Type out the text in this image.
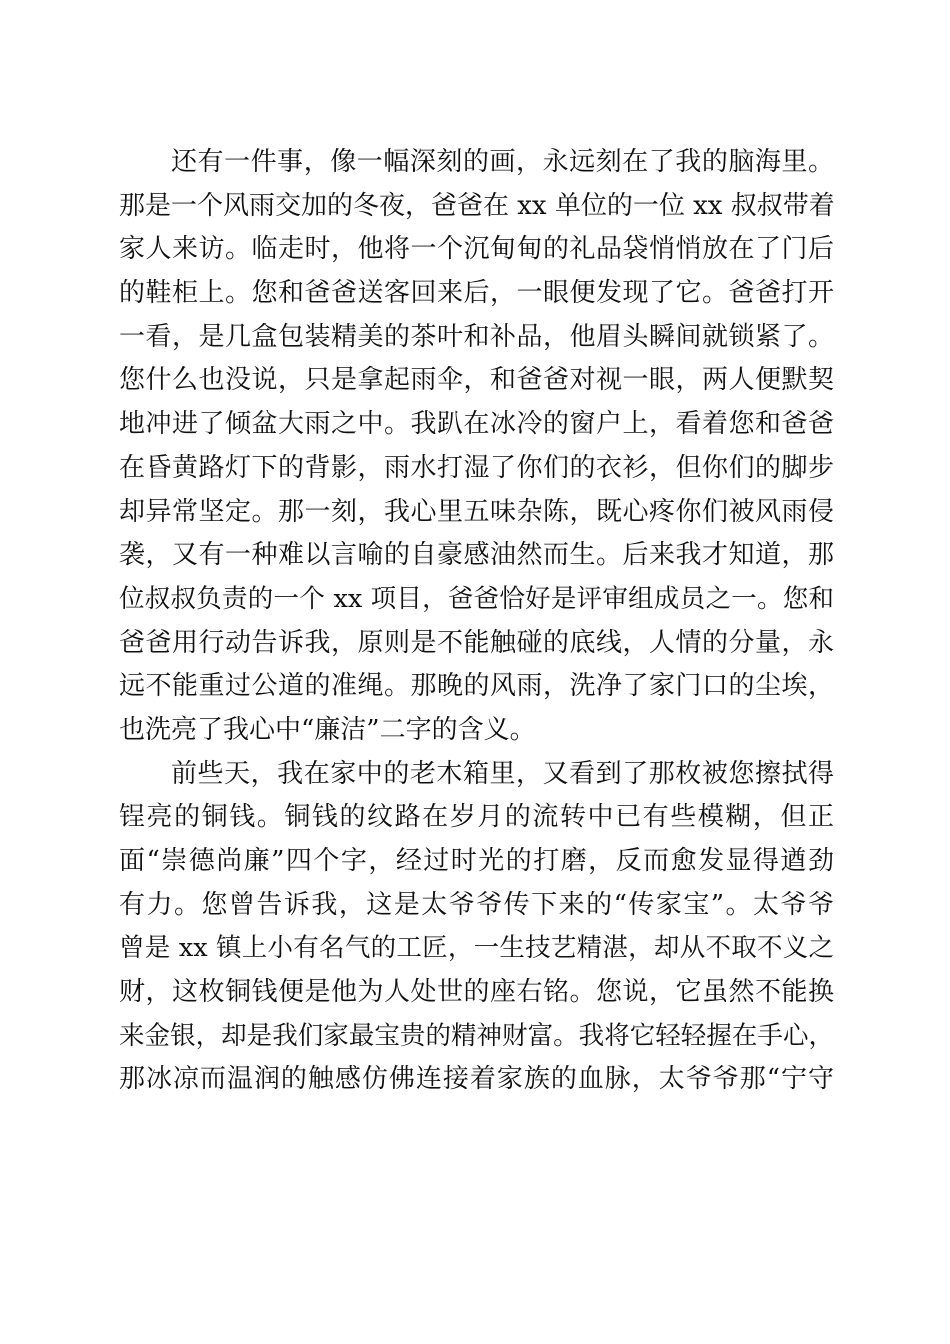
还有一件事，像一幅深刻的画，永远刻在了我的脑海里。
那是一个风雨交加的冬夜，爸爸在 xx 单位的一位 xx 叔叔带着
家人来访。临走时，他将一个沉甸甸的礼品袋悄悄放在了门后
的鞋柜上。您和爸爸送客回来后，一眼便发现了它。爸爸打开
一看，是几盒包装精美的茶叶和补品，他眉头瞬间就锁紧了。
您什么也没说，只是拿起雨伞，和爸爸对视一眼，两人便默契
地冲进了倾盆大雨之中。我趴在冰冷的窗户上，看着您和爸爸
在昏黄路灯下的背影，雨水打湿了你们的衣衫，但你们的脚步
却异常坚定。那一刻，我心里五味杂陈，既心疼你们被风雨侵
袭，又有一种难以言喻的自豪感油然而生。后来我才知道，那
位叔叔负责的一个 xx 项目，爸爸恰好是评审组成员之一。您和
爸爸用行动告诉我，原则是不能触碰的底线，人情的分量，永
远不能重过公道的准绳。那晚的风雨，洗净了家门口的尘埃，
也洗亮了我心中“廉洁”二字的含义。
前些天，我在家中的老木箱里，又看到了那枚被您擦拭得
锃亮的铜钱。铜钱的纹路在岁月的流转中已有些模糊，但正
面“崇德尚廉”四个字，经过时光的打磨，反而愈发显得遒劲
有力。您曾告诉我，这是太爷爷传下来的“传家宝”。太爷爷
曾是 xx 镇上小有名气的工匠，一生技艺精湛，却从不取不义之
财，这枚铜钱便是他为人处世的座右铭。您说，它虽然不能换
来金银，却是我们家最宝贵的精神财富。我将它轻轻握在手心，
那冰凉而温润的触感仿佛连接着家族的血脉，太爷爷那“宁守
